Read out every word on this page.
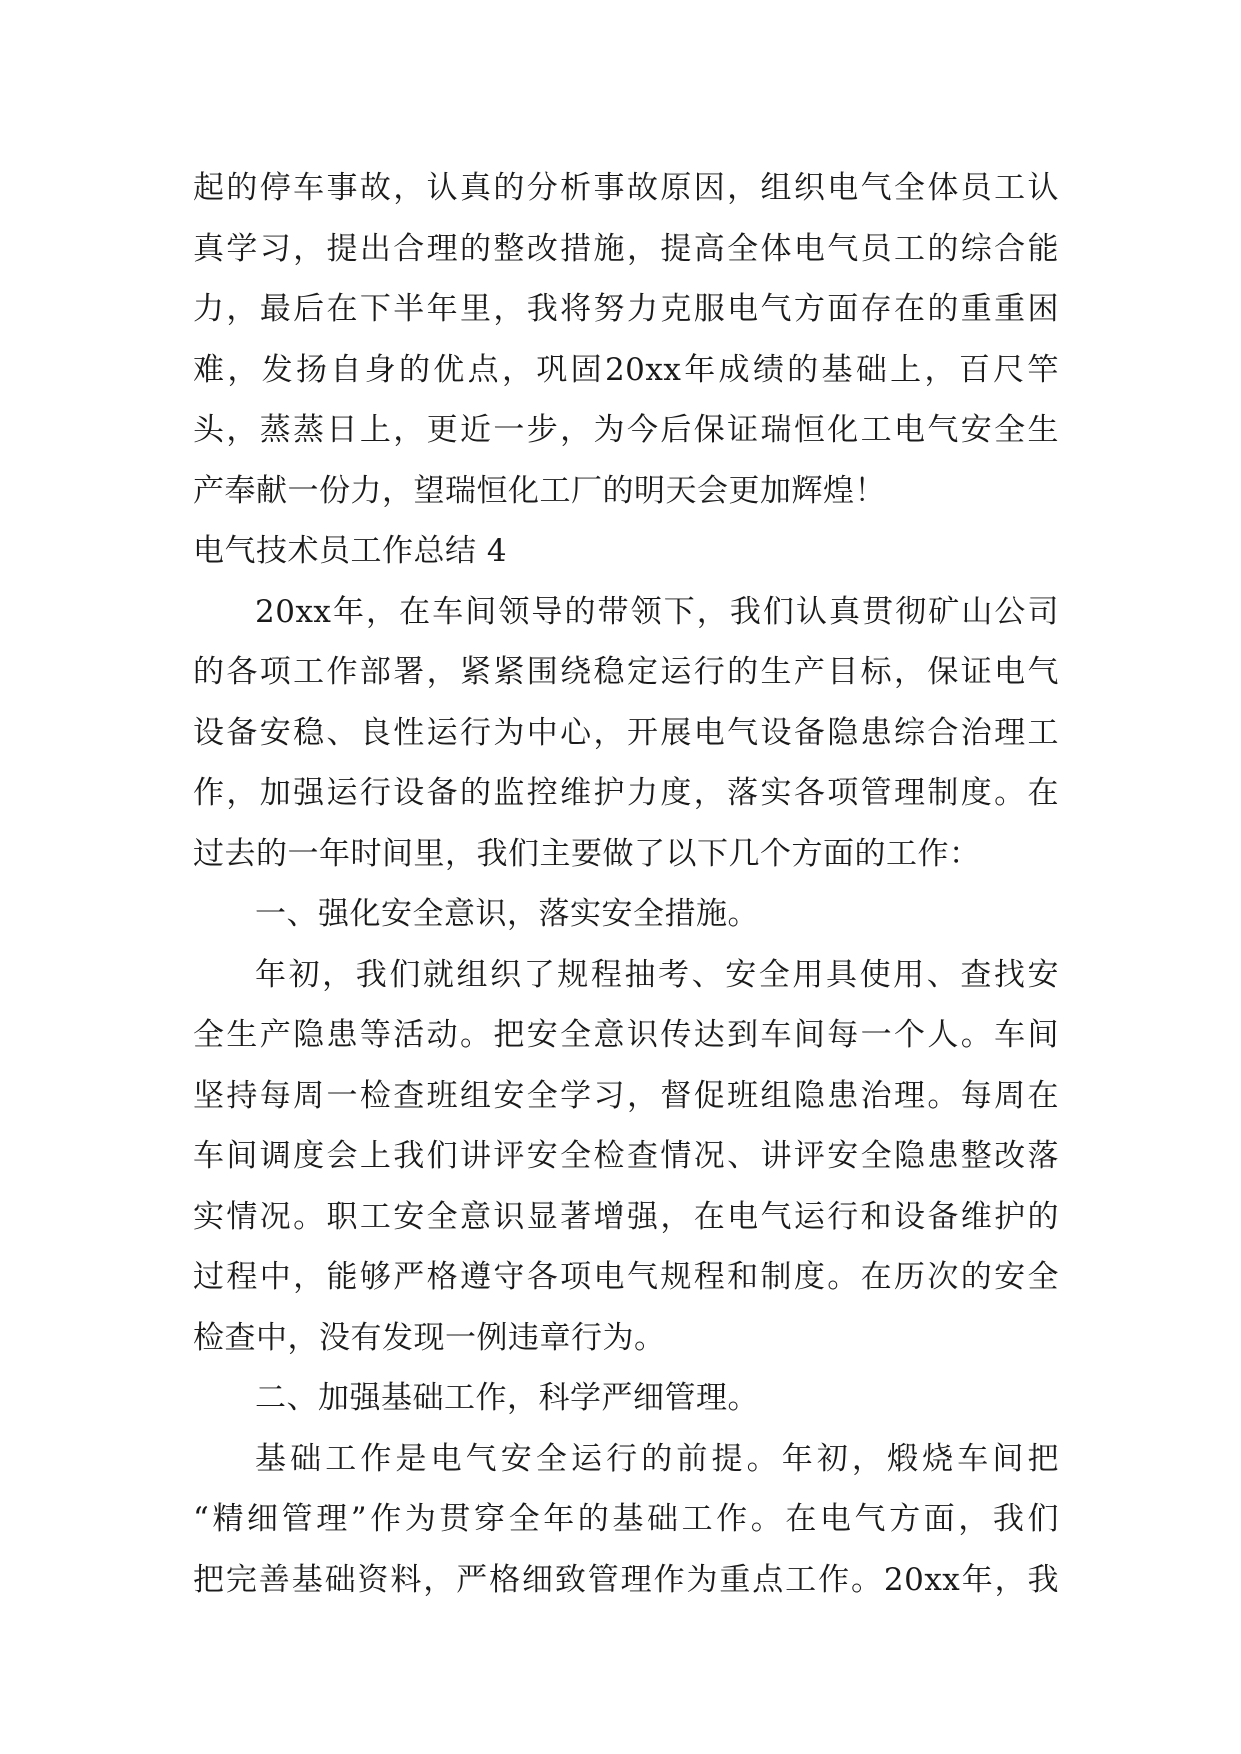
起的停车事故，认真的分析事故原因，组织电气全体员工认
真学习，提出合理的整改措施，提高全体电气员工的综合能
力，最后在下半年里，我将努力克服电气方面存在的重重困
难，发扬自身的优点，巩固20xx年成绩的基础上，百尺竿
头，蒸蒸日上，更近一步，为今后保证瑞恒化工电气安全生
产奉献一份力，望瑞恒化工厂的明天会更加辉煌！
电气技术员工作总结 4
20xx年，在车间领导的带领下，我们认真贯彻矿山公司
的各项工作部署，紧紧围绕稳定运行的生产目标，保证电气
设备安稳、良性运行为中心，开展电气设备隐患综合治理工
作，加强运行设备的监控维护力度，落实各项管理制度。在
过去的一年时间里，我们主要做了以下几个方面的工作：
一、强化安全意识，落实安全措施。
年初，我们就组织了规程抽考、安全用具使用、查找安
全生产隐患等活动。把安全意识传达到车间每一个人。车间
坚持每周一检查班组安全学习，督促班组隐患治理。每周在
车间调度会上我们讲评安全检查情况、讲评安全隐患整改落
实情况。职工安全意识显著增强，在电气运行和设备维护的
过程中，能够严格遵守各项电气规程和制度。在历次的安全
检查中，没有发现一例违章行为。
二、加强基础工作，科学严细管理。
基础工作是电气安全运行的前提。年初，煅烧车间把
“精细管理”作为贯穿全年的基础工作。在电气方面，我们
把完善基础资料，严格细致管理作为重点工作。20xx年，我
